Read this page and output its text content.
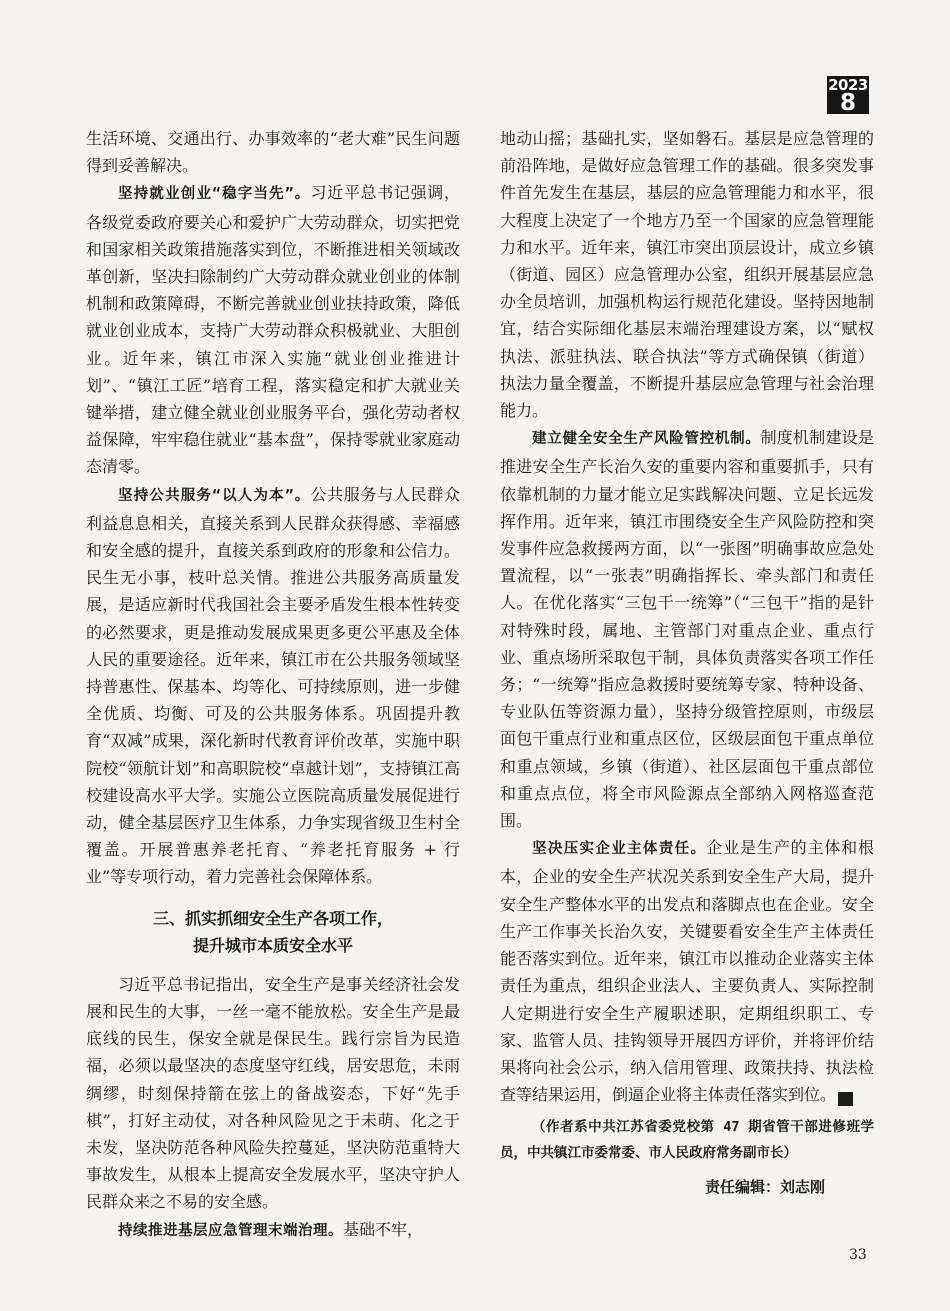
2023
8

生活环境、交通出行、办事效率的“老大难”民生问题得到妥善解决。

坚持就业创业“稳字当先”。习近平总书记强调，各级党委政府要关心和爱护广大劳动群众，切实把党和国家相关政策措施落实到位，不断推进相关领域改革创新，坚决扫除制约广大劳动群众就业创业的体制机制和政策障碍，不断完善就业创业扶持政策，降低就业创业成本，支持广大劳动群众积极就业、大胆创业。近年来，镇江市深入实施“就业创业推进计划”、“镇江工匠”培育工程，落实稳定和扩大就业关键举措，建立健全就业创业服务平台，强化劳动者权益保障，牢牢稳住就业“基本盘”，保持零就业家庭动态清零。

坚持公共服务“以人为本”。公共服务与人民群众利益息息相关，直接关系到人民群众获得感、幸福感和安全感的提升，直接关系到政府的形象和公信力。民生无小事，枝叶总关情。推进公共服务高质量发展，是适应新时代我国社会主要矛盾发生根本性转变的必然要求，更是推动发展成果更多更公平惠及全体人民的重要途径。近年来，镇江市在公共服务领域坚持普惠性、保基本、均等化、可持续原则，进一步健全优质、均衡、可及的公共服务体系。巩固提升教育“双减”成果，深化新时代教育评价改革，实施中职院校“领航计划”和高职院校“卓越计划”，支持镇江高校建设高水平大学。实施公立医院高质量发展促进行动，健全基层医疗卫生体系，力争实现省级卫生村全覆盖。开展普惠养老托育、“养老托育服务 + 行业”等专项行动，着力完善社会保障体系。

三、抓实抓细安全生产各项工作，
提升城市本质安全水平

习近平总书记指出，安全生产是事关经济社会发展和民生的大事，一丝一毫不能放松。安全生产是最底线的民生，保安全就是保民生。践行宗旨为民造福，必须以最坚决的态度坚守红线，居安思危，未雨绸缪，时刻保持箭在弦上的备战姿态，下好“先手棋”，打好主动仗，对各种风险见之于未萌、化之于未发，坚决防范各种风险失控蔓延，坚决防范重特大事故发生，从根本上提高安全发展水平，坚决守护人民群众来之不易的安全感。

持续推进基层应急管理末端治理。基础不牢，

地动山摇；基础扎实，坚如磐石。基层是应急管理的前沿阵地，是做好应急管理工作的基础。很多突发事件首先发生在基层，基层的应急管理能力和水平，很大程度上决定了一个地方乃至一个国家的应急管理能力和水平。近年来，镇江市突出顶层设计，成立乡镇（街道、园区）应急管理办公室，组织开展基层应急办全员培训，加强机构运行规范化建设。坚持因地制宜，结合实际细化基层末端治理建设方案，以“赋权执法、派驻执法、联合执法”等方式确保镇（街道）执法力量全覆盖，不断提升基层应急管理与社会治理能力。

建立健全安全生产风险管控机制。制度机制建设是推进安全生产长治久安的重要内容和重要抓手，只有依靠机制的力量才能立足实践解决问题、立足长远发挥作用。近年来，镇江市围绕安全生产风险防控和突发事件应急救援两方面，以“一张图”明确事故应急处置流程，以“一张表”明确指挥长、牵头部门和责任人。在优化落实“三包干一统筹”（“三包干”指的是针对特殊时段，属地、主管部门对重点企业、重点行业、重点场所采取包干制，具体负责落实各项工作任务；“一统筹”指应急救援时要统筹专家、特种设备、专业队伍等资源力量），坚持分级管控原则，市级层面包干重点行业和重点区位，区级层面包干重点单位和重点领域，乡镇（街道）、社区层面包干重点部位和重点点位，将全市风险源点全部纳入网格巡查范围。

坚决压实企业主体责任。企业是生产的主体和根本，企业的安全生产状况关系到安全生产大局，提升安全生产整体水平的出发点和落脚点也在企业。安全生产工作事关长治久安，关键要看安全生产主体责任能否落实到位。近年来，镇江市以推动企业落实主体责任为重点，组织企业法人、主要负责人、实际控制人定期进行安全生产履职述职，定期组织职工、专家、监管人员、挂钩领导开展四方评价，并将评价结果将向社会公示，纳入信用管理、政策扶持、执法检查等结果运用，倒逼企业将主体责任落实到位。	签

（作者系中共江苏省委党校第 47 期省管干部进修班学员，中共镇江市委常委、市人民政府常务副市长）
责任编辑：刘志刚
33
